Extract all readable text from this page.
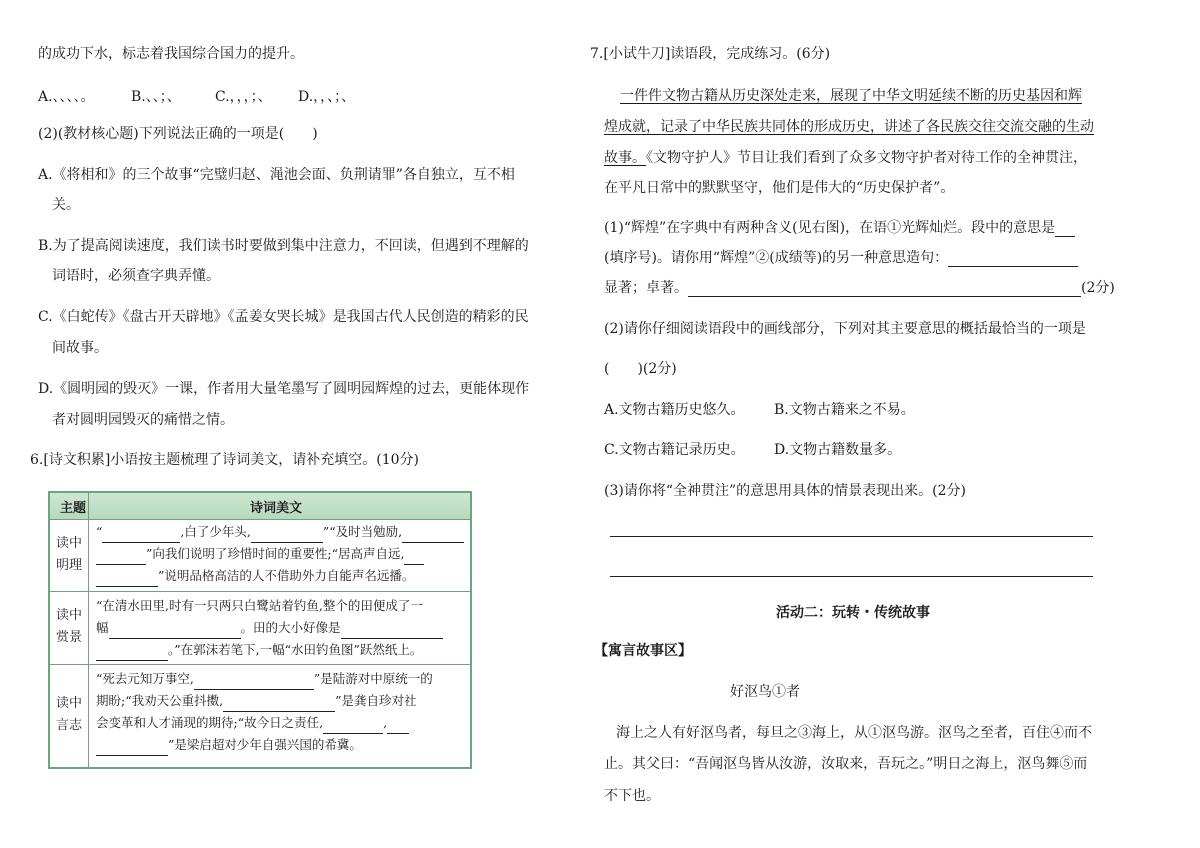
的成功下水，标志着我国综合国力的提升。
A.、、、、。	B.、、；、 C.，，，；、 D.，，、；、
(2)(教材核心题)下列说法正确的一项是(　　)
A.《将相和》的三个故事“完璧归赵、渑池会面、负荆请罪”各自独立，互不相
关。
B.为了提高阅读速度，我们读书时要做到集中注意力，不回读，但遇到不理解的
词语时，必须查字典弄懂。
C.《白蛇传》《盘古开天辟地》《孟姜女哭长城》是我国古代人民创造的精彩的民
间故事。
D.《圆明园的毁灭》一课，作者用大量笔墨写了圆明园辉煌的过去，更能体现作
者对圆明园毁灭的痛惜之情。
6.[诗文积累]小语按主题梳理了诗词美文，请补充填空。(10分)
主题	诗词美文
读中
明理
“	,白了少年头,	”“及时当勉励,
”向我们说明了珍惜时间的重要性;“居高声自远,
”说明品格高洁的人不借助外力自能声名远播。
读中
赏景
“在清水田里,时有一只两只白鹭站着钓鱼,整个的田便成了一
幅	。田的大小好像是
。”在郭沫若笔下,一幅“水田钓鱼图”跃然纸上。
读中
言志
“死去元知万事空,	”是陆游对中原统一的
期盼;“我劝天公重抖擞,	”是龚自珍对社
会变革和人才涌现的期待;“故今日之责任,	,
”是梁启超对少年自强兴国的希冀。
7.[小试牛刀]读语段，完成练习。(6分)
一件件文物古籍从历史深处走来，展现了中华文明延续不断的历史基因和辉
煌成就，记录了中华民族共同体的形成历史，讲述了各民族交往交流交融的生动
故事。《文物守护人》节目让我们看到了众多文物守护者对待工作的全神贯注，
在平凡日常中的默默坚守，他们是伟大的“历史保护者”。
(1)“辉煌”在字典中有两种含义(见右图)，在语①光辉灿烂。段中的意思是
(填序号)。请你用“辉煌”②(成绩等)的另一种意思造句：
显著；卓著。	(2分)
(2)请你仔细阅读语段中的画线部分，下列对其主要意思的概括最恰当的一项是
(　　)(2分)
A.文物古籍历史悠久。 B.文物古籍来之不易。
C.文物古籍记录历史。 D.文物古籍数量多。
(3)请你将“全神贯注”的意思用具体的情景表现出来。(2分)
活动二：玩转・传统故事
【寓言故事区】
好沤鸟①者
海上之人有好沤鸟者，每旦之③海上，从①沤鸟游。沤鸟之至者，百住④而不
止。其父曰：“吾闻沤鸟皆从汝游，汝取来，吾玩之。”明日之海上，沤鸟舞⑤而
不下也。
